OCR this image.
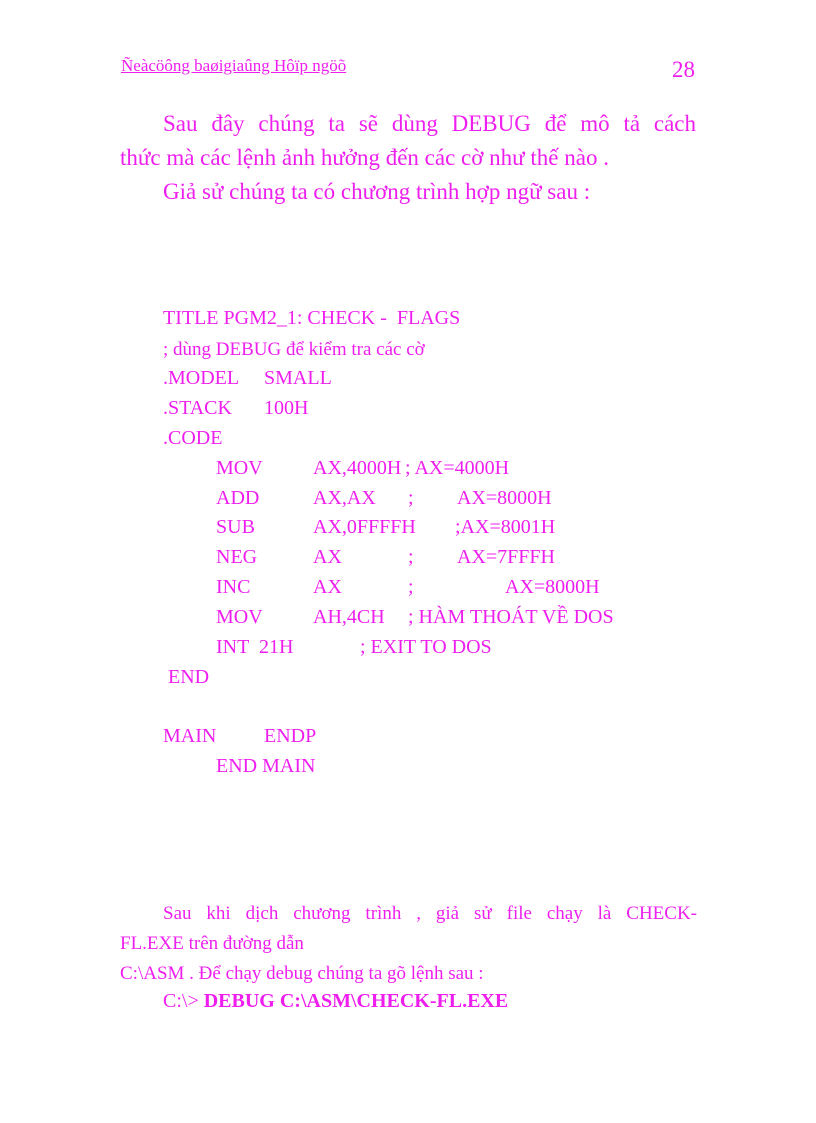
Ñeàcöông baøigiaûng Hôïp ngöõ	28
Sau đây chúng ta sẽ dùng DEBUG để mô tả cách
thức mà các lệnh ảnh hưởng đến các cờ như thế nào .
Giả sử chúng ta có chương trình hợp ngữ sau :
TITLE PGM2_1: CHECK -  FLAGS
; dùng DEBUG để kiểm tra các cờ
.MODEL SMALL
.STACK 100H
.CODE
MOV	AX,4000H ; AX=4000H
ADD	AX,AX ; AX=8000H
SUB	AX,0FFFFH ;AX=8001H
NEG	AX	; AX=7FFFH
INC	AX	;	AX=8000H
MOV	AH,4CH ; HÀM THOÁT VỀ DOS
INT  21H	; EXIT TO DOS
END
MAIN ENDP
END MAIN
Sau khi dịch chương trình , giả sử file chạy là CHECK-
FL.EXE trên đường dẫn
C:\ASM . Để chạy debug chúng ta gõ lệnh sau :
C:\> DEBUG C:\ASM\CHECK-FL.EXE
